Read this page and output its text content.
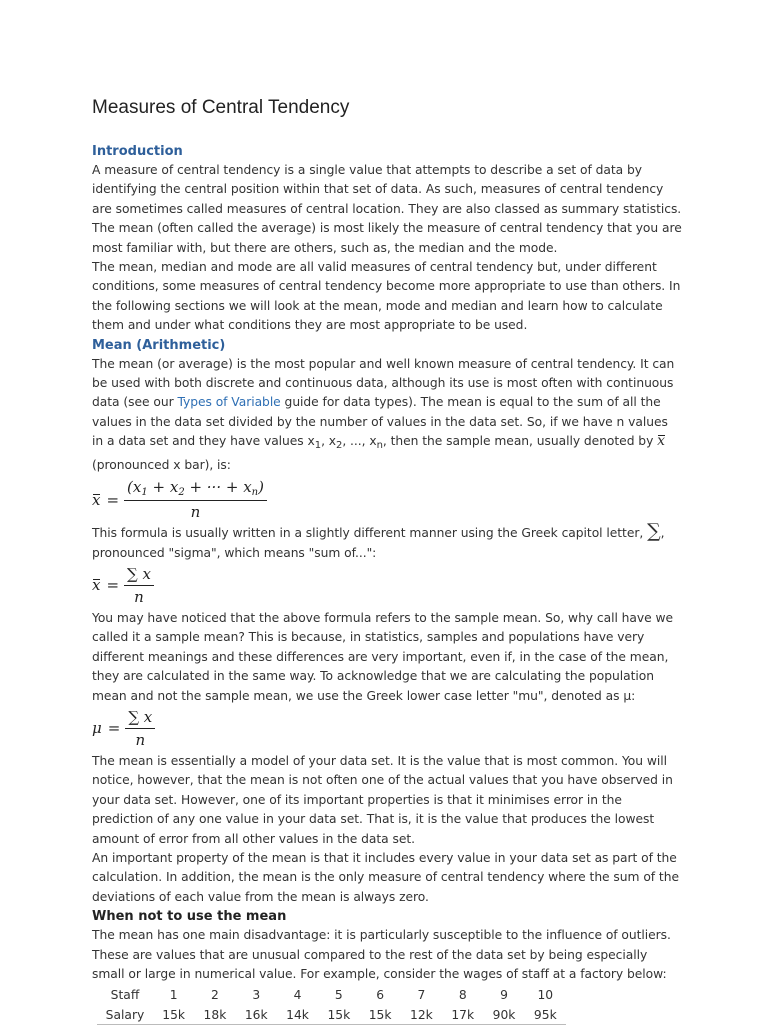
Measures of Central Tendency
Introduction

A measure of central tendency is a single value that attempts to describe a set of data by identifying the central position within that set of data. As such, measures of central tendency are sometimes called measures of central location. They are also classed as summary statistics. The mean (often called the average) is most likely the measure of central tendency that you are most familiar with, but there are others, such as, the median and the mode.

The mean, median and mode are all valid measures of central tendency but, under different conditions, some measures of central tendency become more appropriate to use than others. In the following sections we will look at the mean, mode and median and learn how to calculate them and under what conditions they are most appropriate to be used.

Mean (Arithmetic)

The mean (or average) is the most popular and well known measure of central tendency. It can be used with both discrete and continuous data, although its use is most often with continuous data (see our Types of Variable guide for data types). The mean is equal to the sum of all the values in the data set divided by the number of values in the data set. So, if we have n values in a data set and they have values $x_1$, $x_2$, ..., $x_n$, then the sample mean, usually denoted by x (pronounced x bar), is:

$x = \frac{(x_1 + x_2 + \cdot\cdot\cdot + x_n)}{n}$

This formula is usually written in a slightly different manner using the Greek capitol letter, ∑, pronounced "sigma", which means "sum of...":

$x = \frac{\sum x}{n}$

You may have noticed that the above formula refers to the sample mean. So, why call have we called it a sample mean? This is because, in statistics, samples and populations have very different meanings and these differences are very important, even if, in the case of the mean, they are calculated in the same way. To acknowledge that we are calculating the population mean and not the sample mean, we use the Greek lower case letter "mu", denoted as µ:

$\mu = \frac{\sum x}{n}$

The mean is essentially a model of your data set. It is the value that is most common. You will notice, however, that the mean is not often one of the actual values that you have observed in your data set. However, one of its important properties is that it minimises error in the prediction of any one value in your data set. That is, it is the value that produces the lowest amount of error from all other values in the data set.

An important property of the mean is that it includes every value in your data set as part of the calculation. In addition, the mean is the only measure of central tendency where the sum of the deviations of each value from the mean is always zero.

When not to use the mean

The mean has one main disadvantage: it is particularly susceptible to the influence of outliers. These are values that are unusual compared to the rest of the data set by being especially small or large in numerical value. For example, consider the wages of staff at a factory below:

Staff	1	2	3	4	5	6	7	8	9	10
Salary	15k	18k	16k	14k	15k	15k	12k	17k	90k	95k
